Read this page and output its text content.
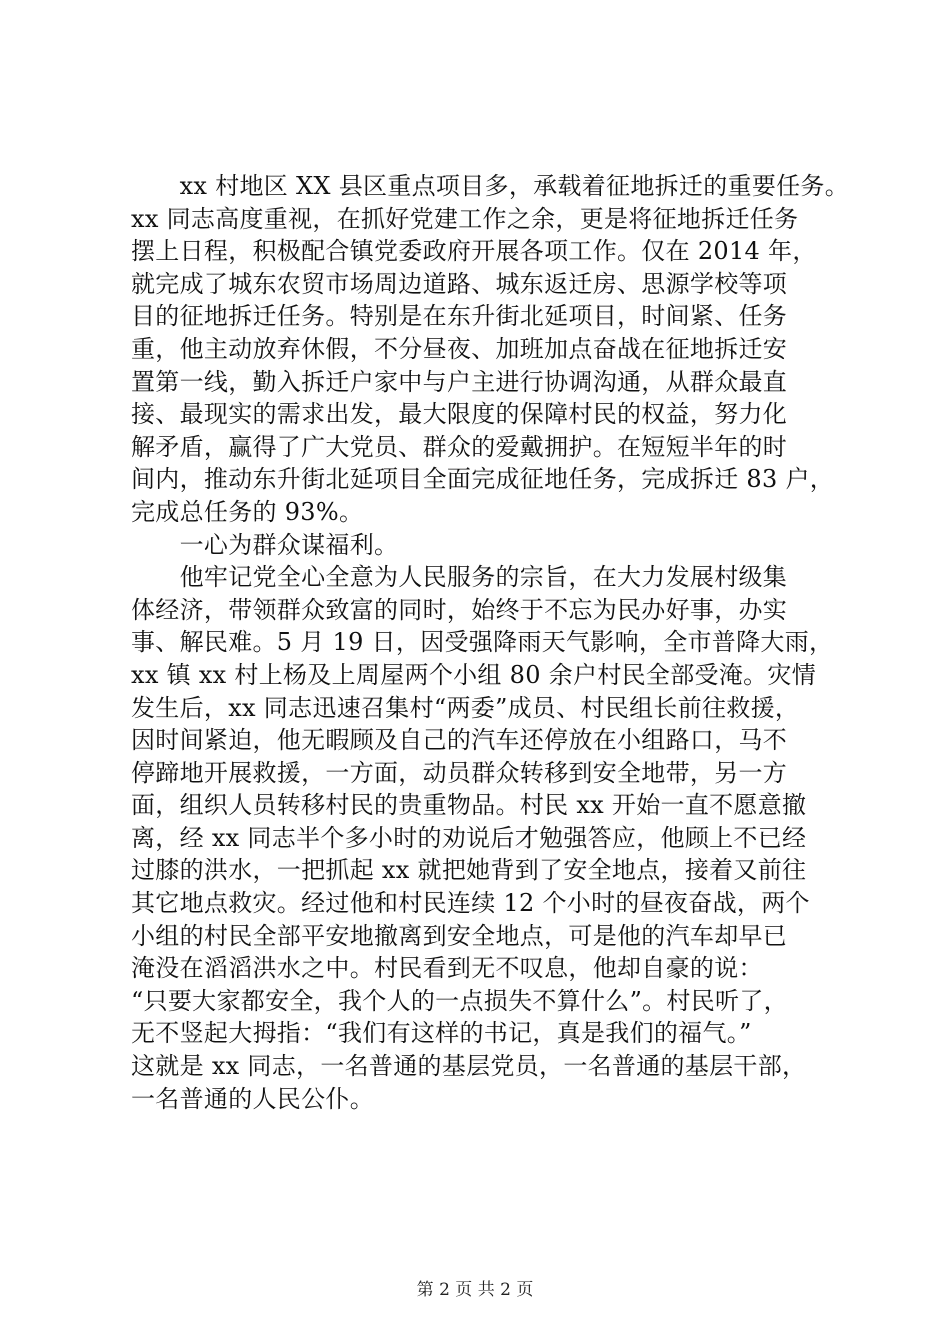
　　xx 村地区 XX 县区重点项目多，承载着征地拆迁的重要任务。
xx 同志高度重视，在抓好党建工作之余，更是将征地拆迁任务
摆上日程，积极配合镇党委政府开展各项工作。仅在 2014 年，
就完成了城东农贸市场周边道路、城东返迁房、思源学校等项
目的征地拆迁任务。特别是在东升街北延项目，时间紧、任务
重，他主动放弃休假，不分昼夜、加班加点奋战在征地拆迁安
置第一线，勤入拆迁户家中与户主进行协调沟通，从群众最直
接、最现实的需求出发，最大限度的保障村民的权益，努力化
解矛盾，赢得了广大党员、群众的爱戴拥护。在短短半年的时
间内，推动东升街北延项目全面完成征地任务，完成拆迁 83 户，
完成总任务的 93%。
　　一心为群众谋福利。
　　他牢记党全心全意为人民服务的宗旨，在大力发展村级集
体经济，带领群众致富的同时，始终于不忘为民办好事，办实
事、解民难。5 月 19 日，因受强降雨天气影响，全市普降大雨，
xx 镇 xx 村上杨及上周屋两个小组 80 余户村民全部受淹。灾情
发生后，xx 同志迅速召集村“两委”成员、村民组长前往救援，
因时间紧迫，他无暇顾及自己的汽车还停放在小组路口，马不
停蹄地开展救援，一方面，动员群众转移到安全地带，另一方
面，组织人员转移村民的贵重物品。村民 xx 开始一直不愿意撤
离，经 xx 同志半个多小时的劝说后才勉强答应，他顾上不已经
过膝的洪水，一把抓起 xx 就把她背到了安全地点，接着又前往
其它地点救灾。经过他和村民连续 12 个小时的昼夜奋战，两个
小组的村民全部平安地撤离到安全地点，可是他的汽车却早已
淹没在滔滔洪水之中。村民看到无不叹息，他却自豪的说：
“只要大家都安全，我个人的一点损失不算什么”。村民听了，
无不竖起大拇指：“我们有这样的书记，真是我们的福气。”
这就是 xx 同志，一名普通的基层党员，一名普通的基层干部，
一名普通的人民公仆。
第 2 页 共 2 页
